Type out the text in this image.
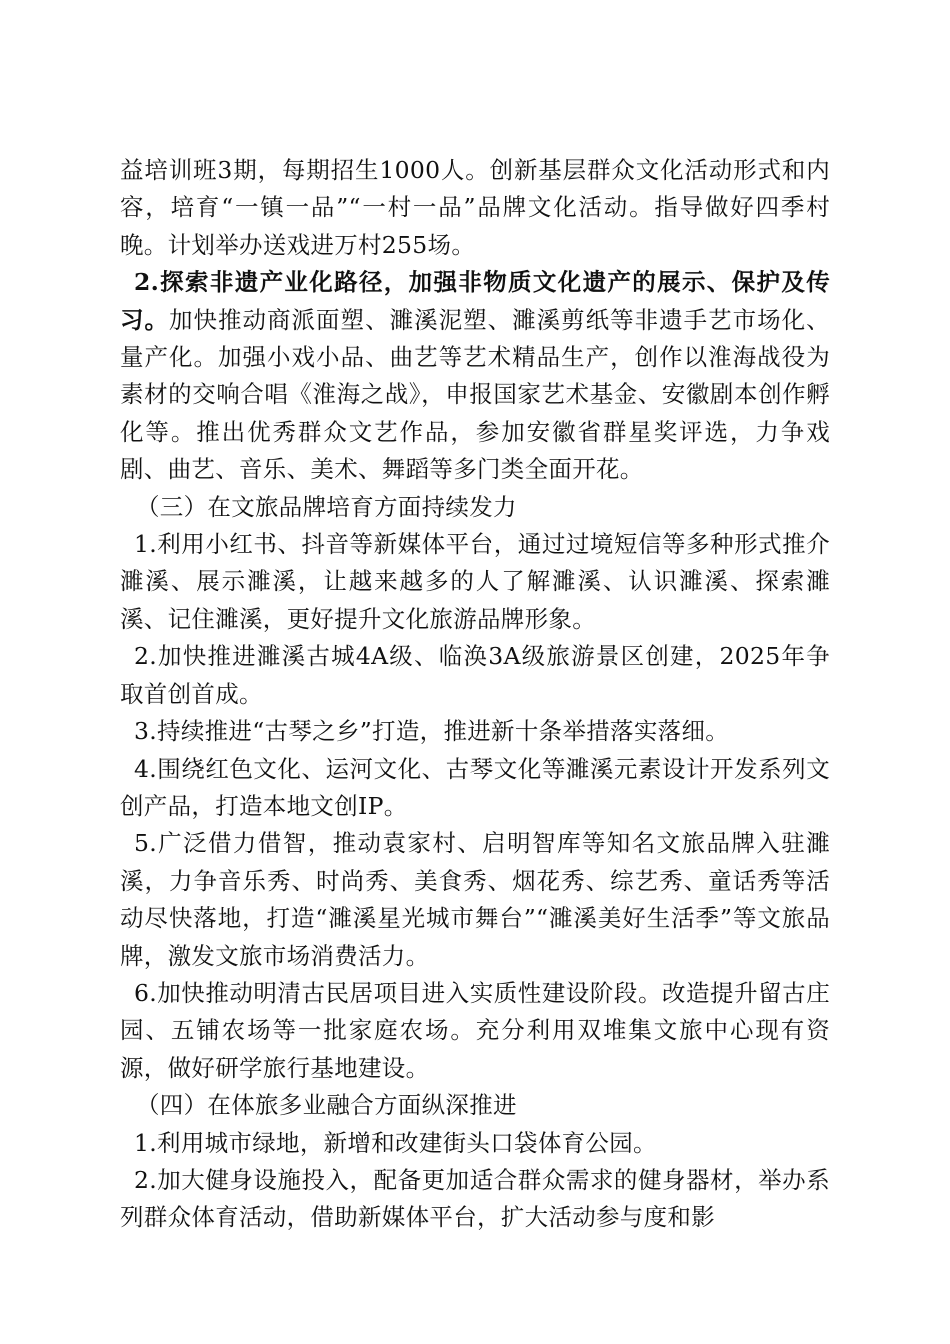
益培训班3期，每期招生1000人。创新基层群众文化活动形式和内容，培育“一镇一品”“一村一品”品牌文化活动。指导做好四季村晚。计划举办送戏进万村255场。

2.探索非遗产业化路径，加强非物质文化遗产的展示、保护及传习。加快推动商派面塑、濉溪泥塑、濉溪剪纸等非遗手艺市场化、量产化。加强小戏小品、曲艺等艺术精品生产，创作以淮海战役为素材的交响合唱《淮海之战》，申报国家艺术基金、安徽剧本创作孵化等。推出优秀群众文艺作品，参加安徽省群星奖评选，力争戏剧、曲艺、音乐、美术、舞蹈等多门类全面开花。

（三）在文旅品牌培育方面持续发力

1.利用小红书、抖音等新媒体平台，通过过境短信等多种形式推介濉溪、展示濉溪，让越来越多的人了解濉溪、认识濉溪、探索濉溪、记住濉溪，更好提升文化旅游品牌形象。

2.加快推进濉溪古城4A级、临涣3A级旅游景区创建，2025年争取首创首成。

3.持续推进“古琴之乡”打造，推进新十条举措落实落细。

4.围绕红色文化、运河文化、古琴文化等濉溪元素设计开发系列文创产品，打造本地文创IP。

5.广泛借力借智，推动袁家村、启明智库等知名文旅品牌入驻濉溪，力争音乐秀、时尚秀、美食秀、烟花秀、综艺秀、童话秀等活动尽快落地，打造“濉溪星光城市舞台”“濉溪美好生活季”等文旅品牌，激发文旅市场消费活力。

6.加快推动明清古民居项目进入实质性建设阶段。改造提升留古庄园、五铺农场等一批家庭农场。充分利用双堆集文旅中心现有资源，做好研学旅行基地建设。

（四）在体旅多业融合方面纵深推进

1.利用城市绿地，新增和改建街头口袋体育公园。

2.加大健身设施投入，配备更加适合群众需求的健身器材，举办系列群众体育活动，借助新媒体平台，扩大活动参与度和影
